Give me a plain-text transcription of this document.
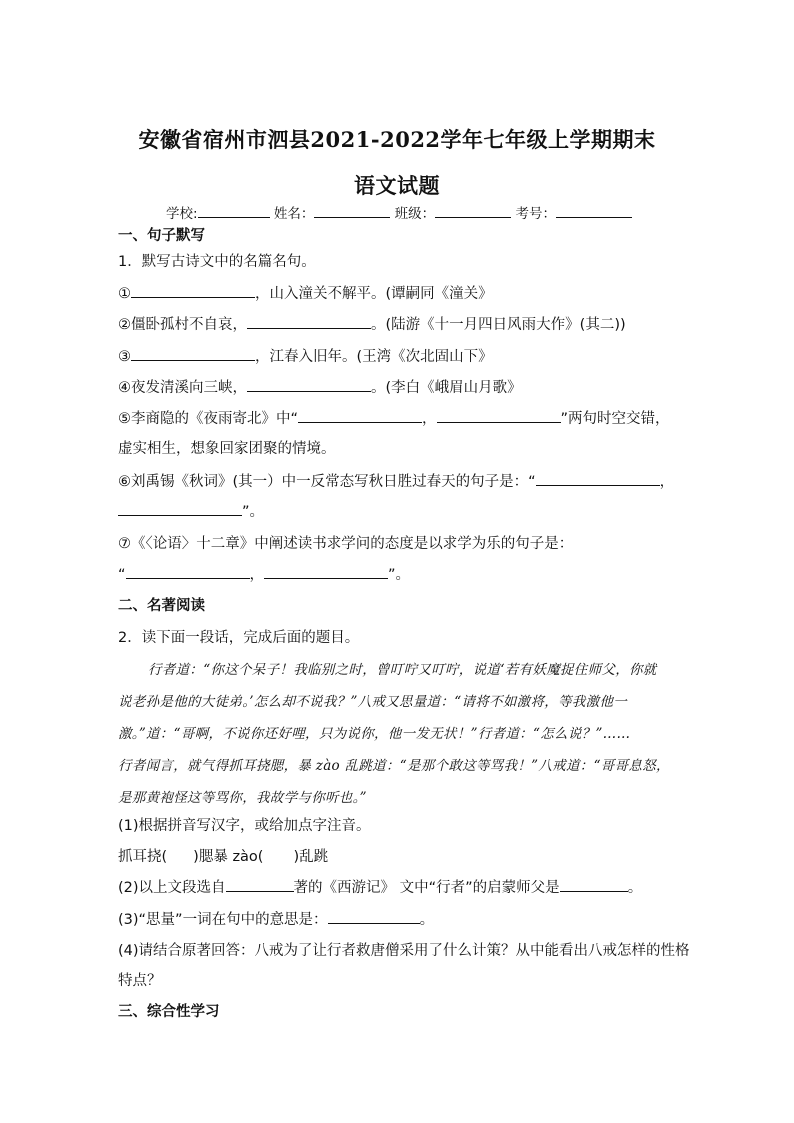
安徽省宿州市泗县2021-2022学年七年级上学期期末
语文试题
学校:	姓名：	班级：	考号：
一、句子默写
1．默写古诗文中的名篇名句。
①	，山入潼关不解平。(谭嗣同《潼关》
②僵卧孤村不自哀，	。(陆游《十一月四日风雨大作》(其二))
③	，江春入旧年。(王湾《次北固山下》
④夜发清溪向三峡，	。(李白《峨眉山月歌》
⑤李商隐的《夜雨寄北》中“	，	”两句时空交错，
虚实相生，想象回家团聚的情境。
⑥刘禹锡《秋词》(其一）中一反常态写秋日胜过春天的句子是：“	，
”。
⑦《〈论语〉十二章》中阐述读书求学问的态度是以求学为乐的句子是：
“	，	”。
二、名著阅读
2．读下面一段话，完成后面的题目。
行者道：“你这个呆子！我临别之时，曾叮咛又叮咛，说道‘若有妖魔捉住师父，你就
说老孙是他的大徒弟。’怎么却不说我？”八戒又思量道：“请将不如激将，等我激他一
激。”道：“哥啊，不说你还好哩，只为说你，他一发无状！”行者道：“怎么说？”……
行者闻言，就气得抓耳挠腮，暴 zào 乱跳道：“是那个敢这等骂我！”八戒道：“哥哥息怒，
是那黄袍怪这等骂你，我故学与你听也。”
(1)根据拼音写汉字，或给加点字注音。
抓耳挠( )腮暴 zào( )乱跳
(2)以上文段选自	著的《西游记》 文中“行者”的启蒙师父是	。
(3)“思量”一词在句中的意思是：	。
(4)请结合原著回答：八戒为了让行者救唐僧采用了什么计策？从中能看出八戒怎样的性格
特点？
三、综合性学习
